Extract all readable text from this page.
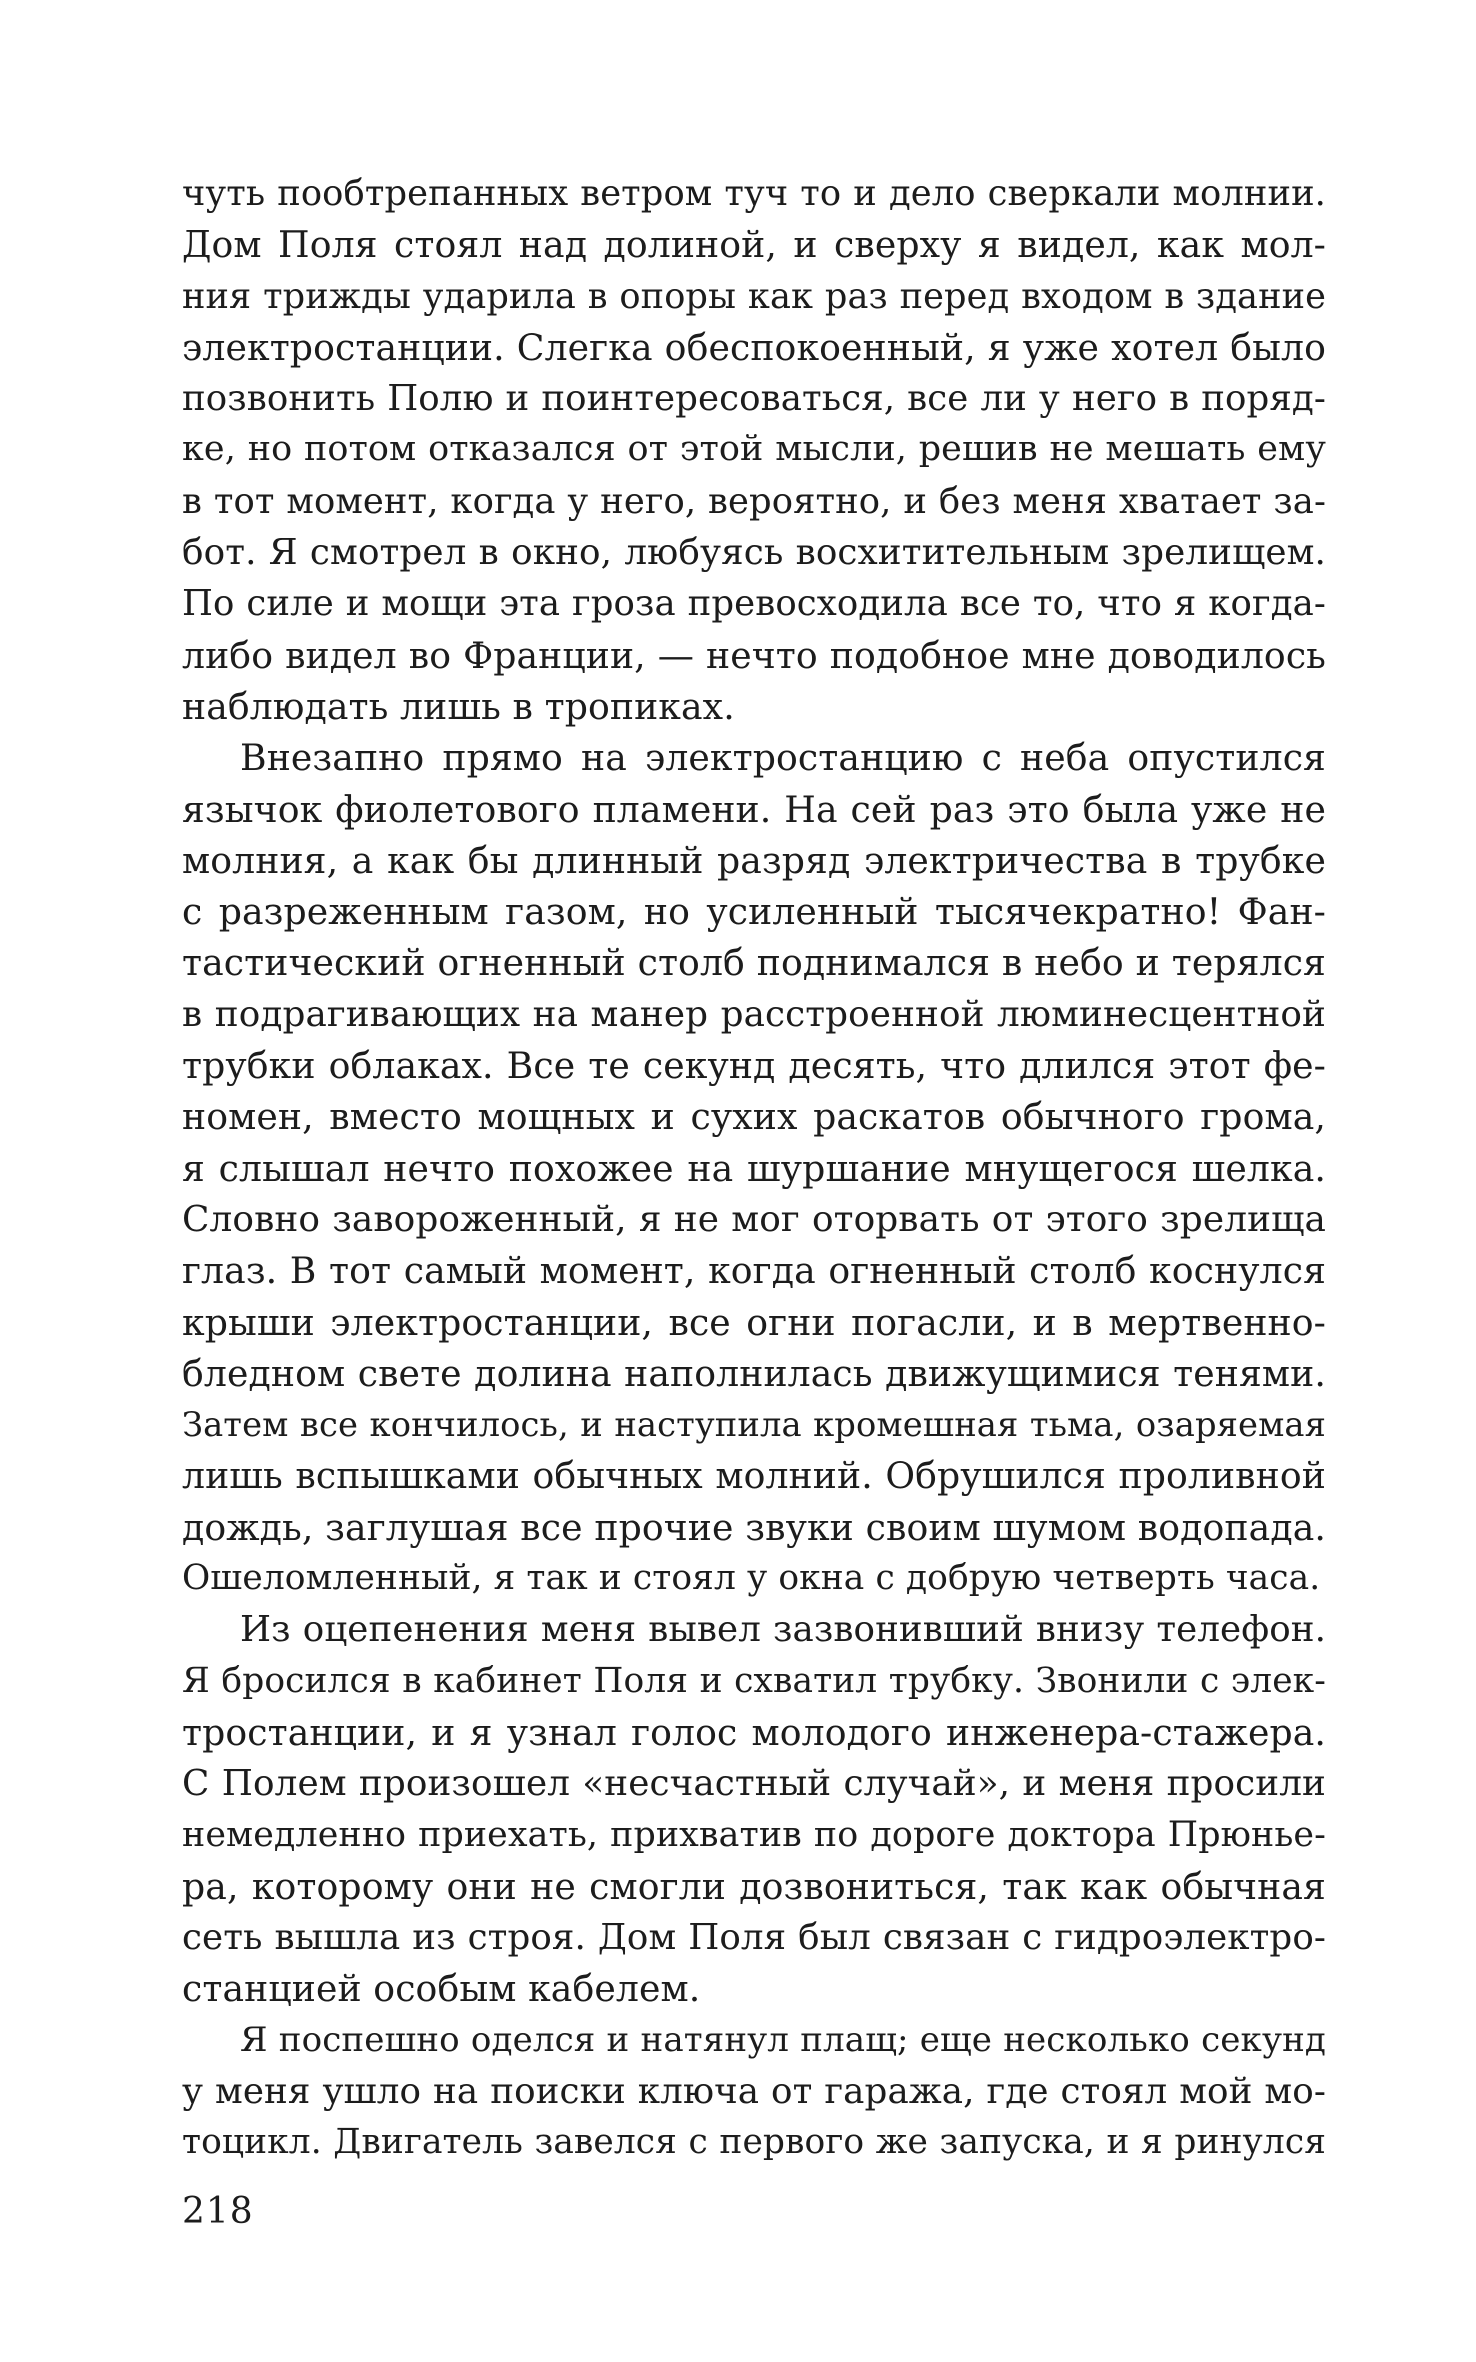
чуть пообтрепанных ветром туч то и дело сверкали молнии.
Дом Поля стоял над долиной, и сверху я видел, как мол-
ния трижды ударила в опоры как раз перед входом в здание
электростанции. Слегка обеспокоенный, я уже хотел было
позвонить Полю и поинтересоваться, все ли у него в поряд-
ке, но потом отказался от этой мысли, решив не мешать ему
в тот момент, когда у него, вероятно, и без меня хватает за-
бот. Я смотрел в окно, любуясь восхитительным зрелищем.
По силе и мощи эта гроза превосходила все то, что я когда-
либо видел во Франции, — нечто подобное мне доводилось
наблюдать лишь в тропиках.
Внезапно прямо на электростанцию с неба опустился
язычок фиолетового пламени. На сей раз это была уже не
молния, а как бы длинный разряд электричества в трубке
с разреженным газом, но усиленный тысячекратно! Фан-
тастический огненный столб поднимался в небо и терялся
в подрагивающих на манер расстроенной люминесцентной
трубки облаках. Все те секунд десять, что длился этот фе-
номен, вместо мощных и сухих раскатов обычного грома,
я слышал нечто похожее на шуршание мнущегося шелка.
Словно завороженный, я не мог оторвать от этого зрелища
глаз. В тот самый момент, когда огненный столб коснулся
крыши электростанции, все огни погасли, и в мертвенно-
бледном свете долина наполнилась движущимися тенями.
Затем все кончилось, и наступила кромешная тьма, озаряемая
лишь вспышками обычных молний. Обрушился проливной
дождь, заглушая все прочие звуки своим шумом водопада.
Ошеломленный, я так и стоял у окна с добрую четверть часа.
Из оцепенения меня вывел зазвонивший внизу телефон.
Я бросился в кабинет Поля и схватил трубку. Звонили с элек-
тростанции, и я узнал голос молодого инженера-стажера.
С Полем произошел «несчастный случай», и меня просили
немедленно приехать, прихватив по дороге доктора Прюнье-
ра, которому они не смогли дозвониться, так как обычная
сеть вышла из строя. Дом Поля был связан с гидроэлектро-
станцией особым кабелем.
Я поспешно оделся и натянул плащ; еще несколько секунд
у меня ушло на поиски ключа от гаража, где стоял мой мо-
тоцикл. Двигатель завелся с первого же запуска, и я ринулся
218
